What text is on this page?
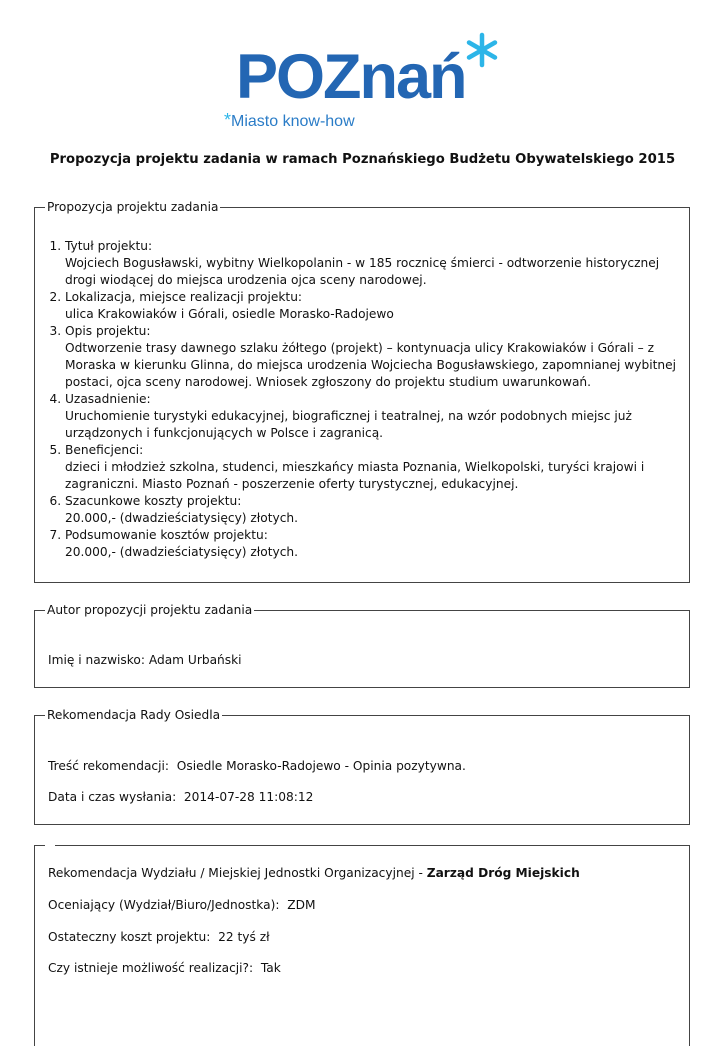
POZnań
*Miasto know-how
Propozycja projektu zadania w ramach Poznańskiego Budżetu Obywatelskiego 2015
Propozycja projektu zadania
1. Tytuł projektu:
Wojciech Bogusławski, wybitny Wielkopolanin - w 185 rocznicę śmierci - odtworzenie historycznej drogi wiodącej do miejsca urodzenia ojca sceny narodowej.
2. Lokalizacja, miejsce realizacji projektu:
ulica Krakowiaków i Górali, osiedle Morasko-Radojewo
3. Opis projektu:
Odtworzenie trasy dawnego szlaku żółtego (projekt) – kontynuacja ulicy Krakowiaków i Górali – z Moraska w kierunku Glinna, do miejsca urodzenia Wojciecha Bogusławskiego, zapomnianej wybitnej postaci, ojca sceny narodowej. Wniosek zgłoszony do projektu studium uwarunkowań.
4. Uzasadnienie:
Uruchomienie turystyki edukacyjnej, biograficznej i teatralnej, na wzór podobnych miejsc już urządzonych i funkcjonujących w Polsce i zagranicą.
5. Beneficjenci:
dzieci i młodzież szkolna, studenci, mieszkańcy miasta Poznania, Wielkopolski, turyści krajowi i zagraniczni. Miasto Poznań - poszerzenie oferty turystycznej, edukacyjnej.
6. Szacunkowe koszty projektu:
20.000,- (dwadzieściatysięcy) złotych.
7. Podsumowanie kosztów projektu:
20.000,- (dwadzieściatysięcy) złotych.
Autor propozycji projektu zadania
Imię i nazwisko: Adam Urbański
Rekomendacja Rady Osiedla
Treść rekomendacji: Osiedle Morasko-Radojewo - Opinia pozytywna.
Data i czas wysłania: 2014-07-28 11:08:12
Rekomendacja Wydziału / Miejskiej Jednostki Organizacyjnej - Zarząd Dróg Miejskich
Oceniający (Wydział/Biuro/Jednostka): ZDM
Ostateczny koszt projektu: 22 tyś zł
Czy istnieje możliwość realizacji?: Tak
